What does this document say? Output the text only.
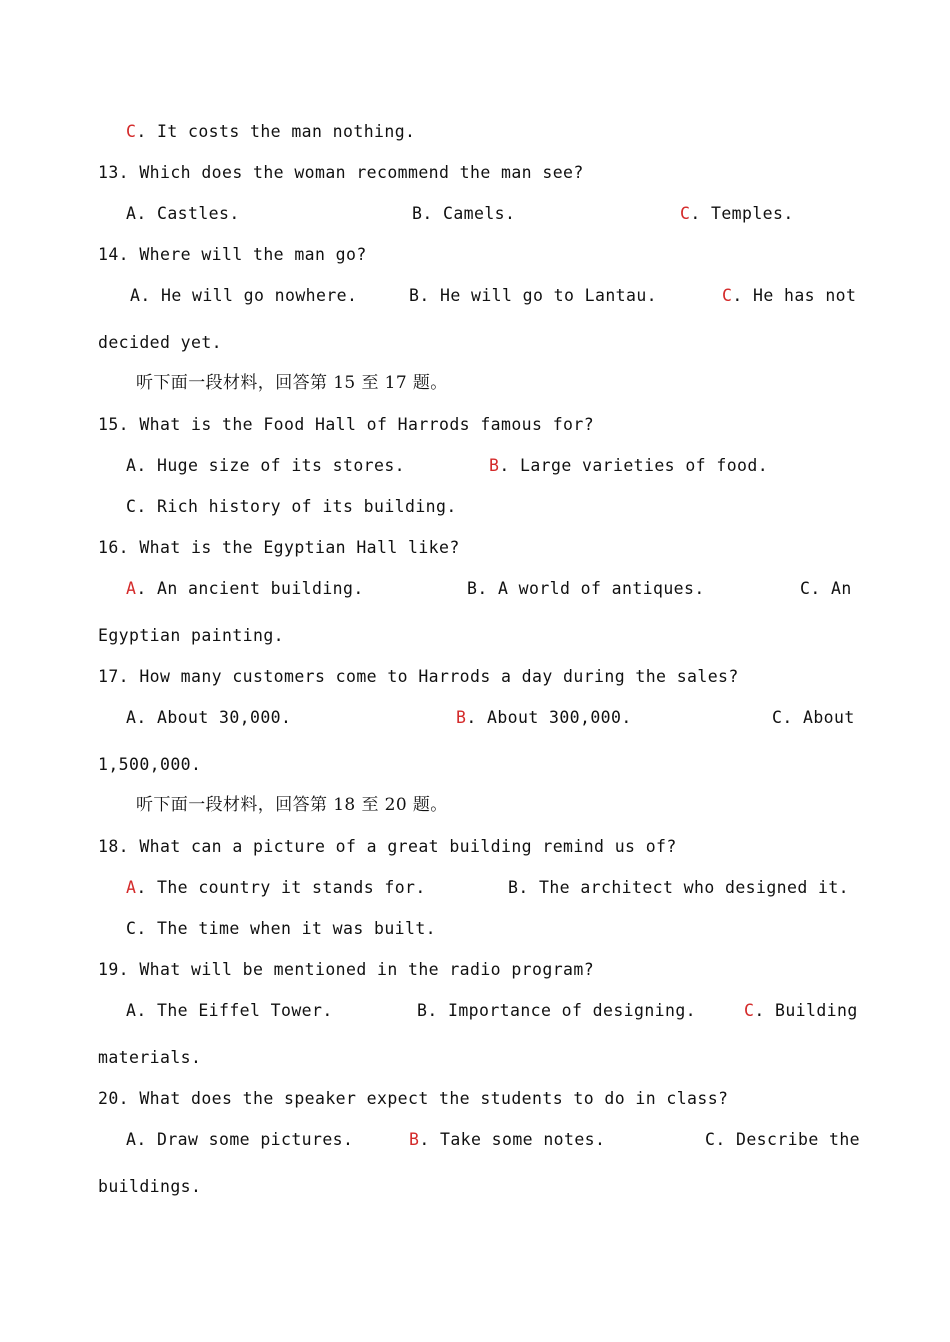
C. It costs the man nothing.
13. Which does the woman recommend the man see?
A. Castles.	B. Camels.	C. Temples.
14. Where will the man go?
A. He will go nowhere.	B. He will go to Lantau.	C. He has not
decided yet.
听下面一段材料，回答第 15 至 17 题。
15. What is the Food Hall of Harrods famous for?
A. Huge size of its stores.	B. Large varieties of food.
C. Rich history of its building.
16. What is the Egyptian Hall like?
A. An ancient building.	B. A world of antiques.	C. An
Egyptian painting.
17. How many customers come to Harrods a day during the sales?
A. About 30,000.	B. About 300,000.	C. About
1,500,000.
听下面一段材料，回答第 18 至 20 题。
18. What can a picture of a great building remind us of?
A. The country it stands for.	B. The architect who designed it.
C. The time when it was built.
19. What will be mentioned in the radio program?
A. The Eiffel Tower.	B. Importance of designing.	C. Building
materials.
20. What does the speaker expect the students to do in class?
A. Draw some pictures.	B. Take some notes.	C. Describe the
buildings.
